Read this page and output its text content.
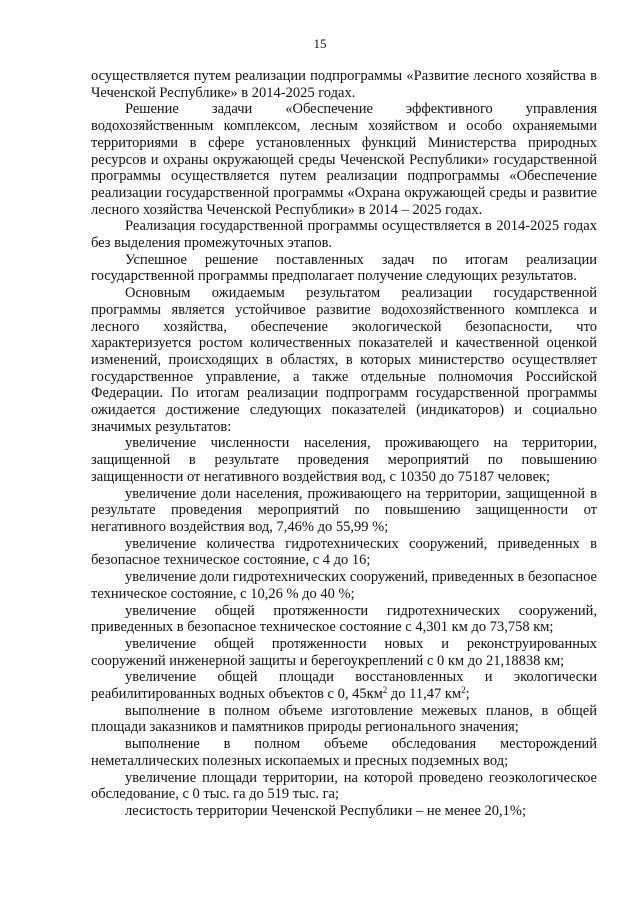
15

осуществляется путем реализации подпрограммы «Развитие лесного хозяйства в Чеченской Республике» в 2014-2025 годах.

Решение задачи «Обеспечение эффективного управления водохозяйственным комплексом, лесным хозяйством и особо охраняемыми территориями в сфере установленных функций Министерства природных ресурсов и охраны окружающей среды Чеченской Республики» государственной программы осуществляется путем реализации подпрограммы «Обеспечение реализации государственной программы «Охрана окружающей среды и развитие лесного хозяйства Чеченской Республики» в 2014 – 2025 годах.

Реализация государственной программы осуществляется в 2014-2025 годах без выделения промежуточных этапов.

Успешное решение поставленных задач по итогам реализации государственной программы предполагает получение следующих результатов.

Основным ожидаемым результатом реализации государственной программы является устойчивое развитие водохозяйственного комплекса и лесного хозяйства, обеспечение экологической безопасности, что характеризуется ростом количественных показателей и качественной оценкой изменений, происходящих в областях, в которых министерство осуществляет государственное управление, а также отдельные полномочия Российской Федерации. По итогам реализации подпрограмм государственной программы ожидается достижение следующих показателей (индикаторов) и социально значимых результатов:

увеличение численности населения, проживающего на территории, защищенной в результате проведения мероприятий по повышению защищенности от негативного воздействия вод, с 10350 до 75187 человек;

увеличение доли населения, проживающего на территории, защищенной в результате проведения мероприятий по повышению защищенности от негативного воздействия вод, 7,46% до 55,99 %;

увеличение количества гидротехнических сооружений, приведенных в безопасное техническое состояние, с 4 до 16;

увеличение доли гидротехнических сооружений, приведенных в безопасное техническое состояние, с 10,26 % до 40 %;

увеличение общей протяженности гидротехнических сооружений, приведенных в безопасное техническое состояние с 4,301 км до 73,758 км;

увеличение общей протяженности новых и реконструированных сооружений инженерной защиты и берегоукреплений с 0 км до 21,18838 км;

увеличение общей площади восстановленных и экологически реабилитированных водных объектов с 0, $45км^2$ до 11,47 $км^2$;

выполнение в полном объеме изготовление межевых планов, в общей площади заказников и памятников природы регионального значения;

выполнение в полном объеме обследования месторождений неметаллических полезных ископаемых и пресных подземных вод;

увеличение площади территории, на которой проведено геоэкологическое обследование, с 0 тыс. га до 519 тыс. га;

лесистость территории Чеченской Республики – не менее 20,1%;
